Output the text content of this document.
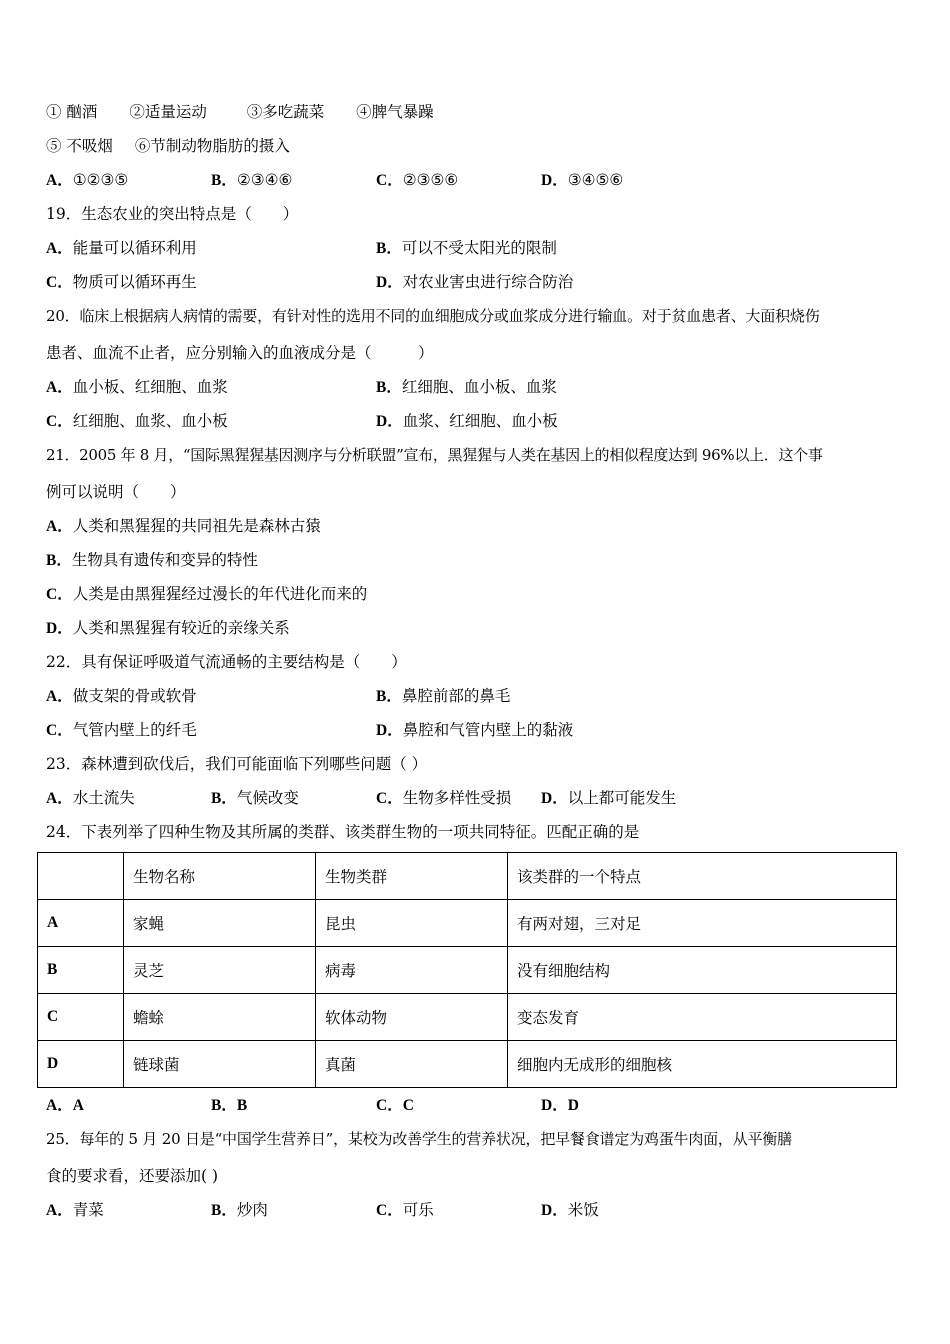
① 酗酒 ②适量运动	③多吃蔬菜 ④脾气暴躁
⑤ 不吸烟 ⑥节制动物脂肪的摄入
A．①②③⑤	B．②③④⑥	C．②③⑤⑥	D．③④⑤⑥
19．生态农业的突出特点是（　　）
A．能量可以循环利用	B．可以不受太阳光的限制
C．物质可以循环再生	D．对农业害虫进行综合防治
20．临床上根据病人病情的需要，有针对性的选用不同的血细胞成分或血浆成分进行输血。对于贫血患者、大面积烧伤
患者、血流不止者，应分别输入的血液成分是（　　　）
A．血小板、红细胞、血浆	B．红细胞、血小板、血浆
C．红细胞、血浆、血小板	D．血浆、红细胞、血小板
21．2005 年 8 月，“国际黑猩猩基因测序与分析联盟”宣布，黑猩猩与人类在基因上的相似程度达到 96%以上．这个事
例可以说明（　　）
A．人类和黑猩猩的共同祖先是森林古猿
B．生物具有遗传和变异的特性
C．人类是由黑猩猩经过漫长的年代进化而来的
D．人类和黑猩猩有较近的亲缘关系
22．具有保证呼吸道气流通畅的主要结构是（　　）
A．做支架的骨或软骨	B．鼻腔前部的鼻毛
C．气管内壁上的纤毛	D．鼻腔和气管内壁上的黏液
23．森林遭到砍伐后，我们可能面临下列哪些问题（ ）
A．水土流失	B．气候改变	C．生物多样性受损 D．以上都可能发生
24．下表列举了四种生物及其所属的类群、该类群生物的一项共同特征。匹配正确的是
	生物名称	生物类群	该类群的一个特点
A	家蝇	昆虫	有两对翅，三对足
B	灵芝	病毒	没有细胞结构
C	蟾蜍	软体动物	变态发育
D	链球菌	真菌	细胞内无成形的细胞核
A．A	B．B	C．C	D．D
25．每年的 5 月 20 日是“中国学生营养日”，某校为改善学生的营养状况，把早餐食谱定为鸡蛋牛肉面，从平衡膳
食的要求看，还要添加( )
A．青菜	B．炒肉	C．可乐	D．米饭
